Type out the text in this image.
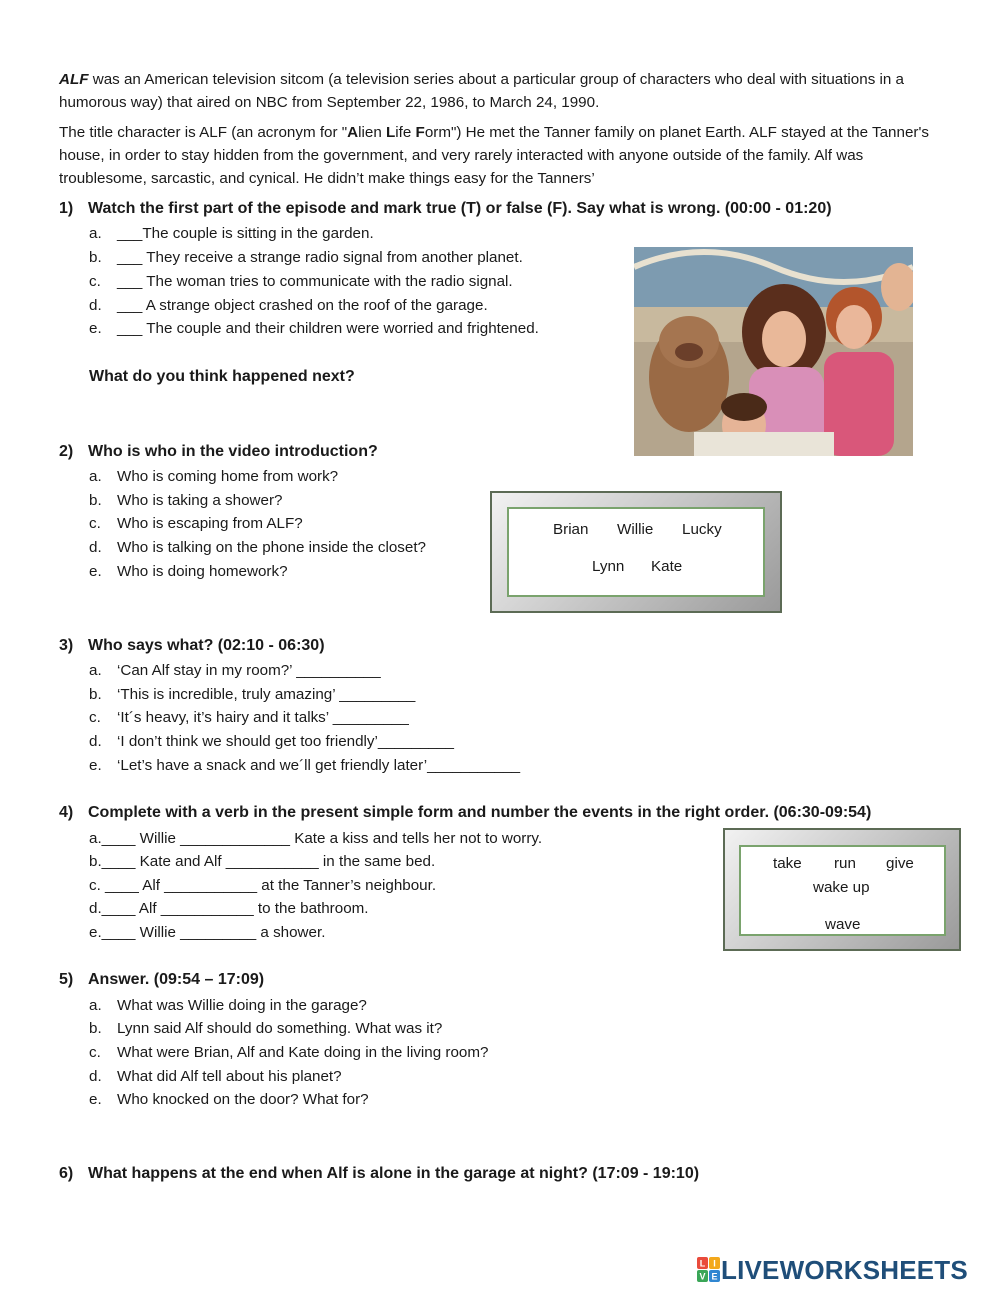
ALF was an American television sitcom (a television series about a particular group of characters who deal with situations in a humorous way) that aired on NBC from September 22, 1986, to March 24, 1990.
The title character is ALF (an acronym for "Alien Life Form") He met the Tanner family on planet Earth. ALF stayed at the Tanner's house, in order to stay hidden from the government, and very rarely interacted with anyone outside of the family. Alf was troublesome, sarcastic, and cynical. He didn’t make things easy for the Tanners’
1) Watch the first part of the episode and mark true (T) or false (F). Say what is wrong. (00:00 - 01:20)
a. ___The couple is sitting in the garden.
b. ___ They receive a strange radio signal from another planet.
c. ___ The woman tries to communicate with the radio signal.
d. ___ A strange object crashed on the roof of the garage.
e. ___ The couple and their children were worried and frightened.
What do you think happened next?
2) Who is who in the video introduction?
a. Who is coming home from work?
b. Who is taking a shower?
c. Who is escaping from ALF?
d. Who is talking on the phone inside the closet?
e. Who is doing homework?
Brian Willie Lucky
Lynn Kate
3) Who says what? (02:10 - 06:30)
a. ‘Can Alf stay in my room?’ __________
b. ‘This is incredible, truly amazing’ _________
c. ‘It´s heavy, it’s hairy and it talks’ _________
d. ‘I don’t think we should get too friendly’_________
e. ‘Let’s have a snack and we´ll get friendly later’___________
4) Complete with a verb in the present simple form and number the events in the right order. (06:30-09:54)
a.____ Willie _____________ Kate a kiss and tells her not to worry.
b.____ Kate and Alf ___________ in the same bed.
c. ____ Alf ___________ at the Tanner’s neighbour.
d.____ Alf ___________ to the bathroom.
e.____ Willie _________ a shower.
take run give
wake up
wave
5) Answer. (09:54 – 17:09)
a. What was Willie doing in the garage?
b. Lynn said Alf should do something. What was it?
c. What were Brian, Alf and Kate doing in the living room?
d. What did Alf tell about his planet?
e. Who knocked on the door? What for?
6) What happens at the end when Alf is alone in the garage at night? (17:09 - 19:10)
L I
V E LIVEWORKSHEETS
